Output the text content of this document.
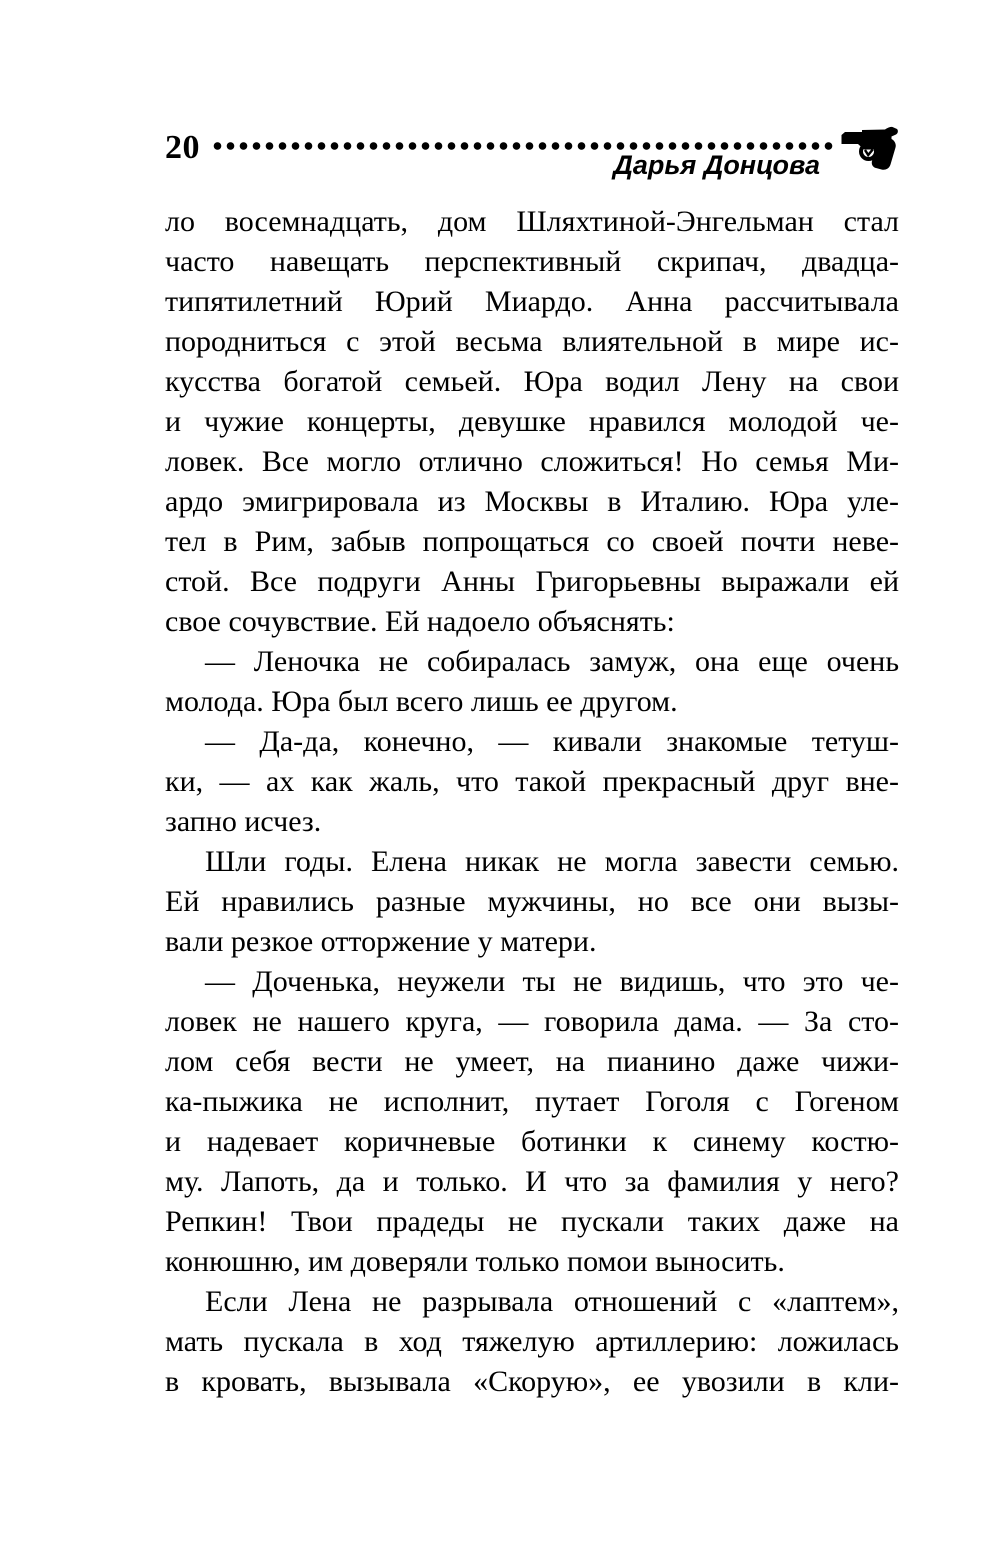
20	Дарья Донцова
ло восемнадцать, дом Шляхтиной-Энгельман стал
часто навещать перспективный скрипач, двадца-
типятилетний Юрий Миардо. Анна рассчитывала
породниться с этой весьма влиятельной в мире ис-
кусства богатой семьей. Юра водил Лену на свои
и чужие концерты, девушке нравился молодой че-
ловек. Все могло отлично сложиться! Но семья Ми-
ардо эмигрировала из Москвы в Италию. Юра уле-
тел в Рим, забыв попрощаться со своей почти неве-
стой. Все подруги Анны Григорьевны выражали ей
свое сочувствие. Ей надоело объяснять:
— Леночка не собиралась замуж, она еще очень
молода. Юра был всего лишь ее другом.
— Да-да, конечно, — кивали знакомые тетуш-
ки, — ах как жаль, что такой прекрасный друг вне-
запно исчез.
Шли годы. Елена никак не могла завести семью.
Ей нравились разные мужчины, но все они вызы-
вали резкое отторжение у матери.
— Доченька, неужели ты не видишь, что это че-
ловек не нашего круга, — говорила дама. — За сто-
лом себя вести не умеет, на пианино даже чижи-
ка-пыжика не исполнит, путает Гоголя с Гогеном
и надевает коричневые ботинки к синему костю-
му. Лапоть, да и только. И что за фамилия у него?
Репкин! Твои прадеды не пускали таких даже на
конюшню, им доверяли только помои выносить.
Если Лена не разрывала отношений с «лаптем»,
мать пускала в ход тяжелую артиллерию: ложилась
в кровать, вызывала «Скорую», ее увозили в кли-
